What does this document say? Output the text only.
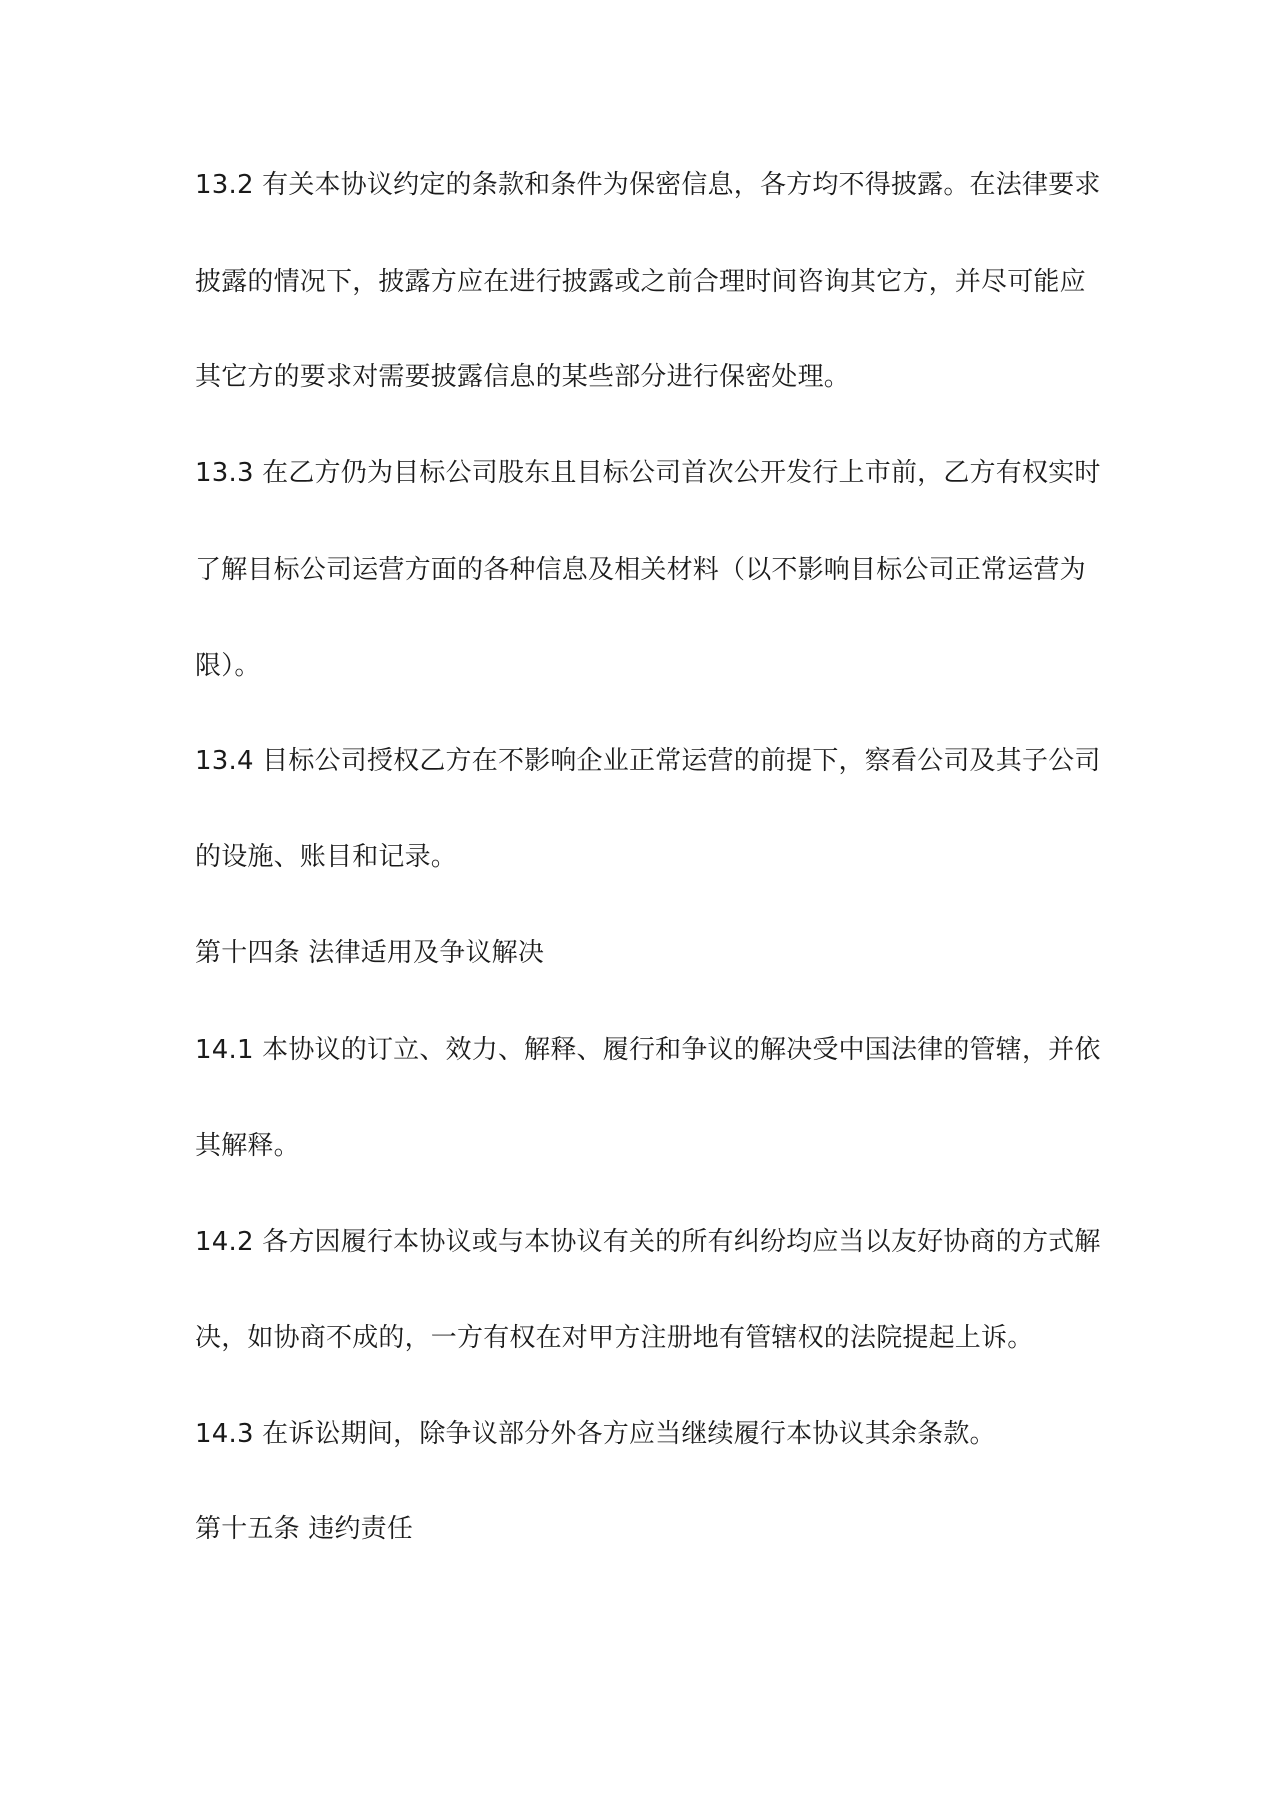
13.2 有关本协议约定的条款和条件为保密信息，各方均不得披露。在法律要求
披露的情况下，披露方应在进行披露或之前合理时间咨询其它方，并尽可能应
其它方的要求对需要披露信息的某些部分进行保密处理。
13.3 在乙方仍为目标公司股东且目标公司首次公开发行上市前，乙方有权实时
了解目标公司运营方面的各种信息及相关材料（以不影响目标公司正常运营为
限）。
13.4 目标公司授权乙方在不影响企业正常运营的前提下，察看公司及其子公司
的设施、账目和记录。
第十四条 法律适用及争议解决
14.1 本协议的订立、效力、解释、履行和争议的解决受中国法律的管辖，并依
其解释。
14.2 各方因履行本协议或与本协议有关的所有纠纷均应当以友好协商的方式解
决，如协商不成的，一方有权在对甲方注册地有管辖权的法院提起上诉。
14.3 在诉讼期间，除争议部分外各方应当继续履行本协议其余条款。
第十五条 违约责任
